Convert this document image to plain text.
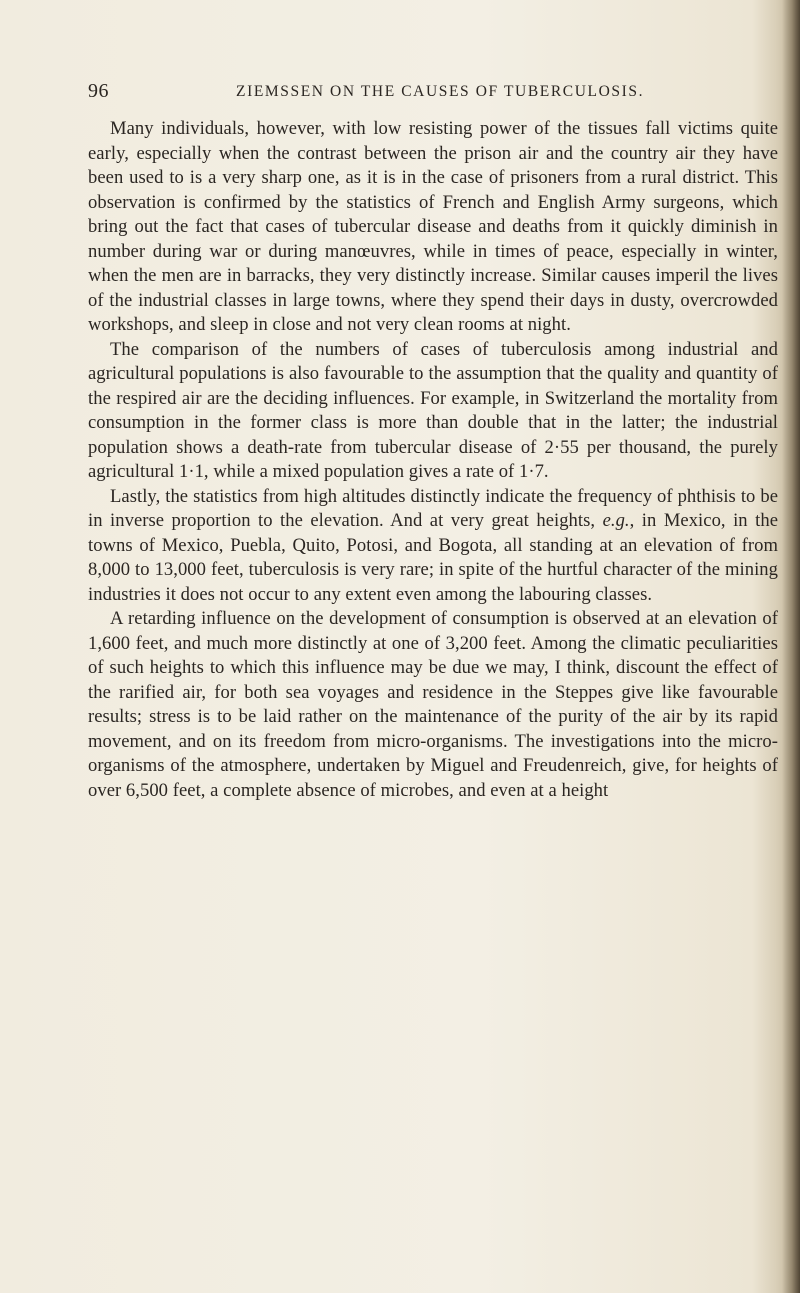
96	ZIEMSSEN ON THE CAUSES OF TUBERCULOSIS.

Many individuals, however, with low resisting power of the tissues fall victims quite early, especially when the contrast between the prison air and the country air they have been used to is a very sharp one, as it is in the case of prisoners from a rural district. This observation is confirmed by the statistics of French and English Army surgeons, which bring out the fact that cases of tubercular disease and deaths from it quickly diminish in number during war or during manœuvres, while in times of peace, especially in winter, when the men are in barracks, they very distinctly increase. Similar causes imperil the lives of the industrial classes in large towns, where they spend their days in dusty, overcrowded workshops, and sleep in close and not very clean rooms at night.

The comparison of the numbers of cases of tuberculosis among industrial and agricultural populations is also favourable to the assumption that the quality and quantity of the respired air are the deciding influences. For example, in Switzerland the mortality from consumption in the former class is more than double that in the latter; the industrial population shows a death-rate from tubercular disease of 2·55 per thousand, the purely agricultural 1·1, while a mixed population gives a rate of 1·7.

Lastly, the statistics from high altitudes distinctly indicate the frequency of phthisis to be in inverse proportion to the elevation. And at very great heights, e.g., in Mexico, in the towns of Mexico, Puebla, Quito, Potosi, and Bogota, all standing at an elevation of from 8,000 to 13,000 feet, tuberculosis is very rare; in spite of the hurtful character of the mining industries it does not occur to any extent even among the labouring classes.

A retarding influence on the development of consumption is observed at an elevation of 1,600 feet, and much more distinctly at one of 3,200 feet. Among the climatic peculiarities of such heights to which this influence may be due we may, I think, discount the effect of the rarified air, for both sea voyages and residence in the Steppes give like favourable results; stress is to be laid rather on the maintenance of the purity of the air by its rapid movement, and on its freedom from micro-organisms. The investigations into the micro-organisms of the atmosphere, undertaken by Miguel and Freudenreich, give, for heights of over 6,500 feet, a complete absence of microbes, and even at a height
